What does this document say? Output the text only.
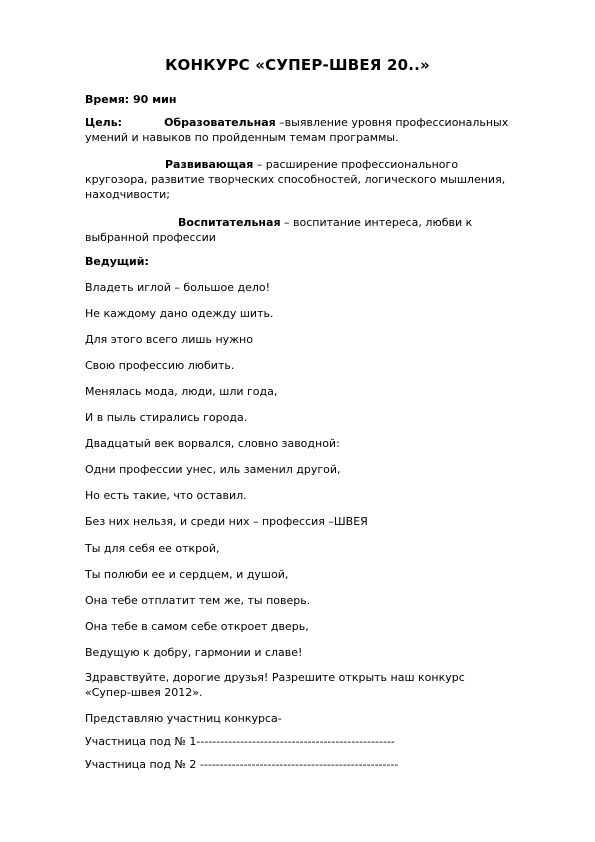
КОНКУРС «СУПЕР-ШВЕЯ 20..»
Время: 90 мин
Цель:	Образовательная –выявление уровня профессиональных
умений и навыков по пройденным темам программы.
Развивающая – расширение профессионального
кругозора, развитие творческих способностей, логического мышления,
находчивости;
Воспитательная – воспитание интереса, любви к
выбранной профессии
Ведущий:
Владеть иглой – большое дело!
Не каждому дано одежду шить.
Для этого всего лишь нужно
Свою профессию любить.
Менялась мода, люди, шли года,
И в пыль стирались города.
Двадцатый век ворвался, словно заводной:
Одни профессии унес, иль заменил другой,
Но есть такие, что оставил.
Без них нельзя, и среди них – профессия –ШВЕЯ
Ты для себя ее открой,
Ты полюби ее и сердцем, и душой,
Она тебе отплатит тем же, ты поверь.
Она тебе в самом себе откроет дверь,
Ведущую к добру, гармонии и славе!
Здравствуйте, дорогие друзья! Разрешите открыть наш конкурс
«Супер-швея 2012».
Представляю участниц конкурса-
Участница под № 1--------------------------------------------------
Участница под № 2 --------------------------------------------------
